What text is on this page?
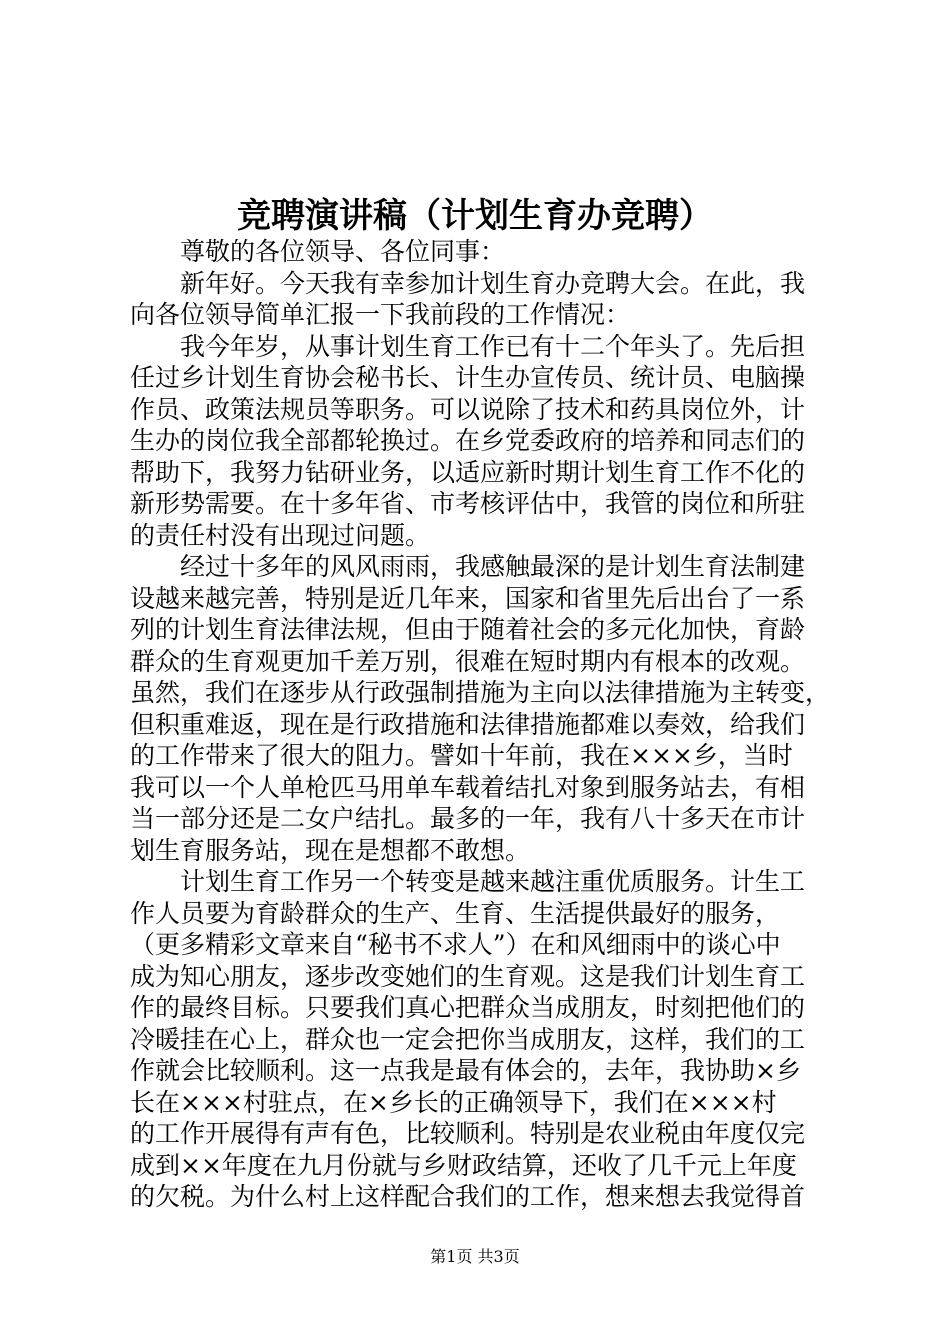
竞聘演讲稿（计划生育办竞聘）
尊敬的各位领导、各位同事：
新年好。今天我有幸参加计划生育办竞聘大会。在此，我
向各位领导简单汇报一下我前段的工作情况：
我今年岁，从事计划生育工作已有十二个年头了。先后担
任过乡计划生育协会秘书长、计生办宣传员、统计员、电脑操
作员、政策法规员等职务。可以说除了技术和药具岗位外，计
生办的岗位我全部都轮换过。在乡党委政府的培养和同志们的
帮助下，我努力钻研业务，以适应新时期计划生育工作不化的
新形势需要。在十多年省、市考核评估中，我管的岗位和所驻
的责任村没有出现过问题。
经过十多年的风风雨雨，我感触最深的是计划生育法制建
设越来越完善，特别是近几年来，国家和省里先后出台了一系
列的计划生育法律法规，但由于随着社会的多元化加快，育龄
群众的生育观更加千差万别，很难在短时期内有根本的改观。
虽然，我们在逐步从行政强制措施为主向以法律措施为主转变，
但积重难返，现在是行政措施和法律措施都难以奏效，给我们
的工作带来了很大的阻力。譬如十年前，我在×××乡，当时
我可以一个人单枪匹马用单车载着结扎对象到服务站去，有相
当一部分还是二女户结扎。最多的一年，我有八十多天在市计
划生育服务站，现在是想都不敢想。
计划生育工作另一个转变是越来越注重优质服务。计生工
作人员要为育龄群众的生产、生育、生活提供最好的服务，
（更多精彩文章来自“秘书不求人”）在和风细雨中的谈心中
成为知心朋友，逐步改变她们的生育观。这是我们计划生育工
作的最终目标。只要我们真心把群众当成朋友，时刻把他们的
冷暖挂在心上，群众也一定会把你当成朋友，这样，我们的工
作就会比较顺利。这一点我是最有体会的，去年，我协助×乡
长在×××村驻点，在×乡长的正确领导下，我们在×××村
的工作开展得有声有色，比较顺利。特别是农业税由年度仅完
成到××年度在九月份就与乡财政结算，还收了几千元上年度
的欠税。为什么村上这样配合我们的工作，想来想去我觉得首
第1页 共3页
